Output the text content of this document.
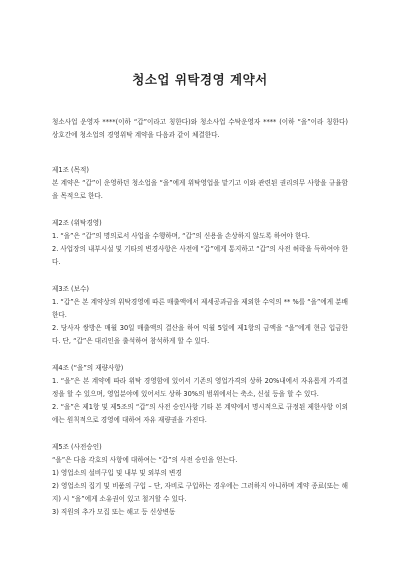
청소업 위탁경영 계약서

청소사업 운영자 ****(이하 “갑”이라고 칭한다)와 청소사업 수탁운영자 **** (이하 “을”이라 칭한다) 상호간에 청소업의 경영위탁 계약을 다음과 같이 체결한다.

제1조 (목적)

본 계약은 “갑”이 운영하던 청소업을 “을”에게 위탁영업을 맡기고 이와 관련된 권리의무 사항을 규율함을 목적으로 한다.

제2조 (위탁경영)

1. “을”은 “갑”의 명의로서 사업을 수행하며, “갑”의 신용을 손상하지 않도록 하여야 한다.

2. 사업장의 내부시설 및 기타의 변경사항은 사전에 “갑”에게 통지하고 “갑”의 사전 허락을 득하여야 한다.

제3조 (보수)

1. “갑”은 본 계약상의 위탁경영에 따른 매출액에서 제세공과금을 제외한 수익의 ** %를 “을”에게 분배한다.

2. 당사자 쌍방은 매월 30일 매출액의 결산을 하여 익월 5일에 제1항의 금액을 “을”에게 현금 입금한다. 단, “갑”은 대리인을 출석하여 참석하게 할 수 있다.

제4조 (“을”의 재량사항)

1. “을”은 본 계약에 따라 위탁 경영함에 있어서 기존의 영업가격의 상하 20%내에서 자유롭게 가격결정을 할 수 있으며, 영업분야에 있어서도 상하 30%의 범위에서는 축소, 신설 등을 할 수 있다.

2. “을”은 제1항 및 제5조의 “갑”의 사전 승인사항 기타 본 계약에서 명시적으로 규정된 제한사항 이외에는 원칙적으로 경영에 대하여 자유 재량권을 가진다.

제5조 (사전승인)

“을”은 다음 각호의 사항에 대하여는 “갑”의 사전 승인을 얻는다.

1) 영업소의 설비구입 및 내부 및 외부의 변경

2) 영업소의 집기 및 비품의 구입 – 단, 자비로 구입하는 경우에는 그러하지 아니하며 계약 종료(또는 해지) 시 “을”에게 소유권이 있고 철거할 수 있다.

3) 직원의 추가 모집 또는 해고 등 신상변동
